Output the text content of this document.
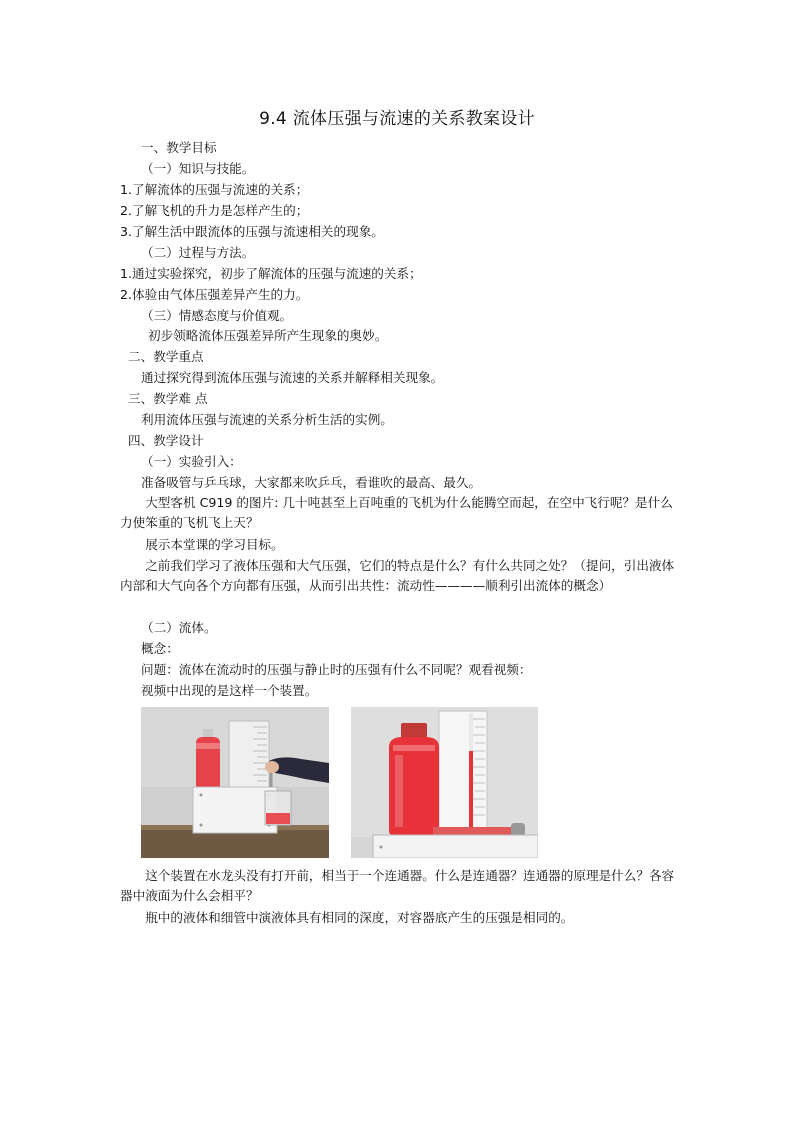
9.4 流体压强与流速的关系教案设计
一、教学目标
（一）知识与技能。
1.了解流体的压强与流速的关系；
2.了解飞机的升力是怎样产生的；
3.了解生活中跟流体的压强与流速相关的现象。
（二）过程与方法。
1.通过实验探究，初步了解流体的压强与流速的关系；
2.体验由气体压强差异产生的力。
（三）情感态度与价值观。
初步领略流体压强差异所产生现象的奥妙。
二、教学重点
通过探究得到流体压强与流速的关系并解释相关现象。
三、教学难 点
利用流体压强与流速的关系分析生活的实例。
四、教学设计
（一）实验引入：
准备吸管与乒乓球，大家都来吹乒乓，看谁吹的最高、最久。
　　大型客机 C919 的图片: 几十吨甚至上百吨重的飞机为什么能腾空而起，在空中飞行呢？是什么力使笨重的飞机飞上天？
　　展示本堂课的学习目标。
　　之前我们学习了液体压强和大气压强，它们的特点是什么？有什么共同之处？（提问，引出液体内部和大气向各个方向都有压强，从而引出共性：流动性————顺利引出流体的概念）
（二）流体。
概念：
问题：流体在流动时的压强与静止时的压强有什么不同呢？观看视频：
视频中出现的是这样一个装置。
　　这个装置在水龙头没有打开前，相当于一个连通器。什么是连通器？连通器的原理是什么？各容器中液面为什么会相平？
　　瓶中的液体和细管中演液体具有相同的深度，对容器底产生的压强是相同的。
